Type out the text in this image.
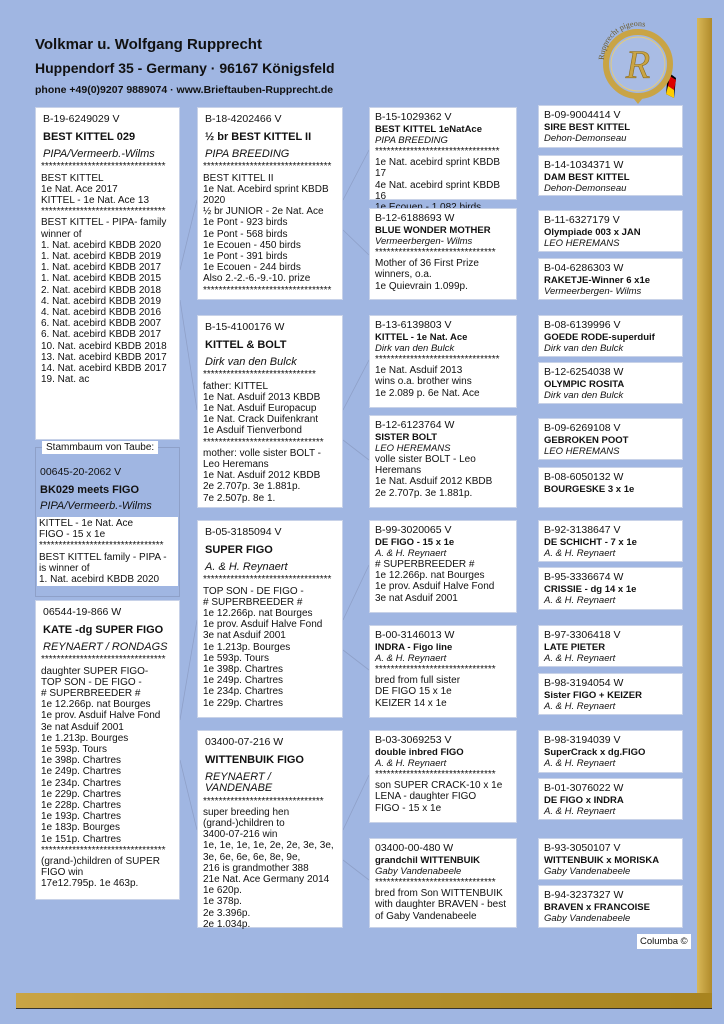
Volkmar u. Wolfgang Rupprecht
Huppendorf 35 - Germany · 96167 Königsfeld
phone +49(0)9207 9889074 · www.Brieftauben-Rupprecht.de
R
Rupprecht pigeons
Stammbaum von Taube:
00645-20-2062 V
BK029 meets FIGO
PIPA/Vermeerb.-Wilms
KITTEL - 1e Nat. Ace
FIGO - 15 x 1e
********************************
BEST KITTEL family - PIPA - is winner of
1. Nat. acebird KBDB 2020
B-19-6249029 V
BEST KITTEL 029
PIPA/Vermeerb.-Wilms
********************************
BEST KITTEL
1e Nat. Ace 2017
KITTEL - 1e Nat. Ace 13
********************************
BEST KITTEL - PIPA- family winner of
1. Nat. acebird KBDB 2020
1. Nat. acebird KBDB 2019
1. Nat. acebird KBDB 2017
1. Nat. acebird KBDB 2015
2. Nat. acebird KBDB 2018
4. Nat. acebird KBDB 2019
4. Nat. acebird KBDB 2016
6. Nat. acebird KBDB 2007
6. Nat. acebird KBDB 2017
10. Nat. acebird KBDB 2018
13. Nat. acebird KBDB 2017
14. Nat. acebird KBDB 2017
19. Nat. ac
06544-19-866 W
KATE -dg SUPER FIGO
REYNAERT / RONDAGS
********************************
daughter SUPER FIGO-
TOP SON - DE FIGO -
# SUPERBREEDER #
1e 12.266p. nat Bourges
1e prov. Asduif Halve Fond
3e nat Asduif 2001
1e 1.213p. Bourges
1e 593p. Tours
1e 398p. Chartres
1e 249p. Chartres
1e 234p. Chartres
1e 229p. Chartres
1e 228p. Chartres
1e 193p. Chartres
1e 183p. Bourges
1e 151p. Chartres
********************************
(grand-)children of SUPER FIGO win
17e12.795p. 1e 463p.
B-18-4202466 V
½ br BEST KITTEL II
PIPA BREEDING
*********************************
BEST KITTEL II
1e Nat. Acebird sprint KBDB 2020
½ br JUNIOR - 2e Nat. Ace
1e Pont - 923 birds
1e Pont - 568 birds
1e Ecouen - 450 birds
1e Pont - 391 birds
1e Ecouen - 244 birds
Also 2.-2.-6.-9.-10. prize
*********************************
B-15-4100176 W
KITTEL & BOLT
Dirk van den Bulck
*****************************
father: KITTEL
1e Nat. Asduif 2013 KBDB
1e Nat. Asduif Europacup
1e Nat. Crack Duifenkrant
1e Asduif Tienverbond
*******************************
mother: volle sister BOLT - Leo Heremans
1e Nat. Asduif 2012 KBDB
2e 2.707p. 3e 1.881p.
7e 2.507p. 8e 1.
B-05-3185094 V
SUPER FIGO
A. & H. Reynaert
*********************************
TOP SON - DE FIGO -
# SUPERBREEDER #
1e 12.266p. nat Bourges
1e prov. Asduif Halve Fond
3e nat Asduif 2001
1e 1.213p. Bourges
1e 593p. Tours
1e 398p. Chartres
1e 249p. Chartres
1e 234p. Chartres
1e 229p. Chartres
03400-07-216 W
WITTENBUIK FIGO
REYNAERT / VANDENABE
*******************************
super breeding hen
(grand-)children to
3400-07-216 win
1e, 1e, 1e, 1e, 2e, 2e, 3e, 3e,
3e, 6e, 6e, 6e, 8e, 9e,
216 is grandmother 388
21e Nat. Ace Germany 2014
1e 620p.
1e 378p.
2e 3.396p.
2e 1.034p.
B-15-1029362 V
BEST KITTEL 1eNatAce
PIPA BREEDING
********************************
1e Nat. acebird sprint KBDB 17
4e Nat. acebird sprint KBDB 16

B-12-6188693 W
BLUE WONDER MOTHER
Vermeerbergen- Wilms
*******************************
Mother of 36 First Prize winners, o.a.
1e Quievrain 1.099p.
B-13-6139803 V
KITTEL - 1e Nat. Ace
Dirk van den Bulck
********************************
1e Nat. Asduif 2013
wins o.a. brother wins
1e 2.089 p. 6e Nat. Ace
B-12-6123764 W
SISTER BOLT
LEO HEREMANS
volle sister BOLT - Leo Heremans
1e Nat. Asduif 2012 KBDB
2e 2.707p. 3e 1.881p.
B-99-3020065 V
DE FIGO - 15 x 1e
A. & H. Reynaert
# SUPERBREEDER #
1e 12.266p. nat Bourges
1e prov. Asduif Halve Fond
3e nat Asduif 2001
B-00-3146013 W
INDRA - Figo line
A. & H. Reynaert
*******************************
bred from full sister
DE FIGO 15 x 1e
KEIZER 14 x 1e
B-03-3069253 V
double inbred FIGO
A. & H. Reynaert
*******************************
son SUPER CRACK-10 x 1e
LENA - daughter FIGO
FIGO - 15 x 1e
03400-00-480 W
grandchil WITTENBUIK
Gaby Vandenabeele
*******************************
bred from Son WITTENBUIK with daughter BRAVEN - best of Gaby Vandenabeele
B-09-9004414 V
SIRE BEST KITTEL
Dehon-Demonseau
B-14-1034371 W
DAM BEST KITTEL
Dehon-Demonseau
B-11-6327179 V
Olympiade 003 x JAN
LEO HEREMANS
B-04-6286303 W
RAKETJE-Winner 6 x1e
Vermeerbergen- Wilms
B-08-6139996 V
GOEDE RODE-superduif
Dirk van den Bulck
B-12-6254038 W
OLYMPIC ROSITA
Dirk van den Bulck
B-09-6269108 V
GEBROKEN POOT
LEO HEREMANS
B-08-6050132 W
BOURGESKE 3 x 1e
B-92-3138647 V
DE SCHICHT - 7 x 1e
A. & H. Reynaert
B-95-3336674 W
CRISSIE - dg 14 x 1e
A. & H. Reynaert
B-97-3306418 V
LATE PIETER
A. & H. Reynaert
B-98-3194054 W
Sister FIGO + KEIZER
A. & H. Reynaert
B-98-3194039 V
SuperCrack x dg.FIGO
A. & H. Reynaert
B-01-3076022 W
DE FIGO x INDRA
A. & H. Reynaert
B-93-3050107 V
WITTENBUIK x MORISKA
Gaby Vandenabeele
B-94-3237327 W
BRAVEN x FRANCOISE
Gaby Vandenabeele
Columba ©
